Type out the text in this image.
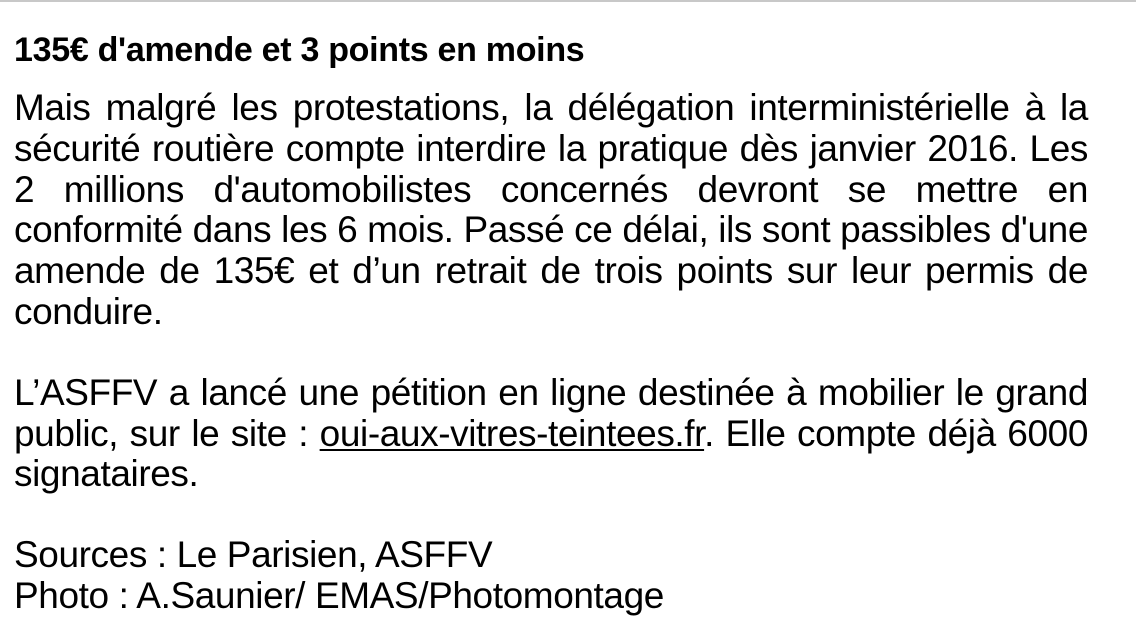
135€ d'amende et 3 points en moins

Mais malgré les protestations, la délégation interministérielle à la sécurité routière compte interdire la pratique dès janvier 2016. Les 2 millions d'automobilistes concernés devront se mettre en conformité dans les 6 mois. Passé ce délai, ils sont passibles d'une amende de 135€ et d’un retrait de trois points sur leur permis de conduire.

L’ASFFV a lancé une pétition en ligne destinée à mobilier le grand public, sur le site : oui-aux-vitres-teintees.fr. Elle compte déjà 6000 signataires.

Sources : Le Parisien, ASFFV
Photo : A.Saunier/ EMAS/Photomontage
